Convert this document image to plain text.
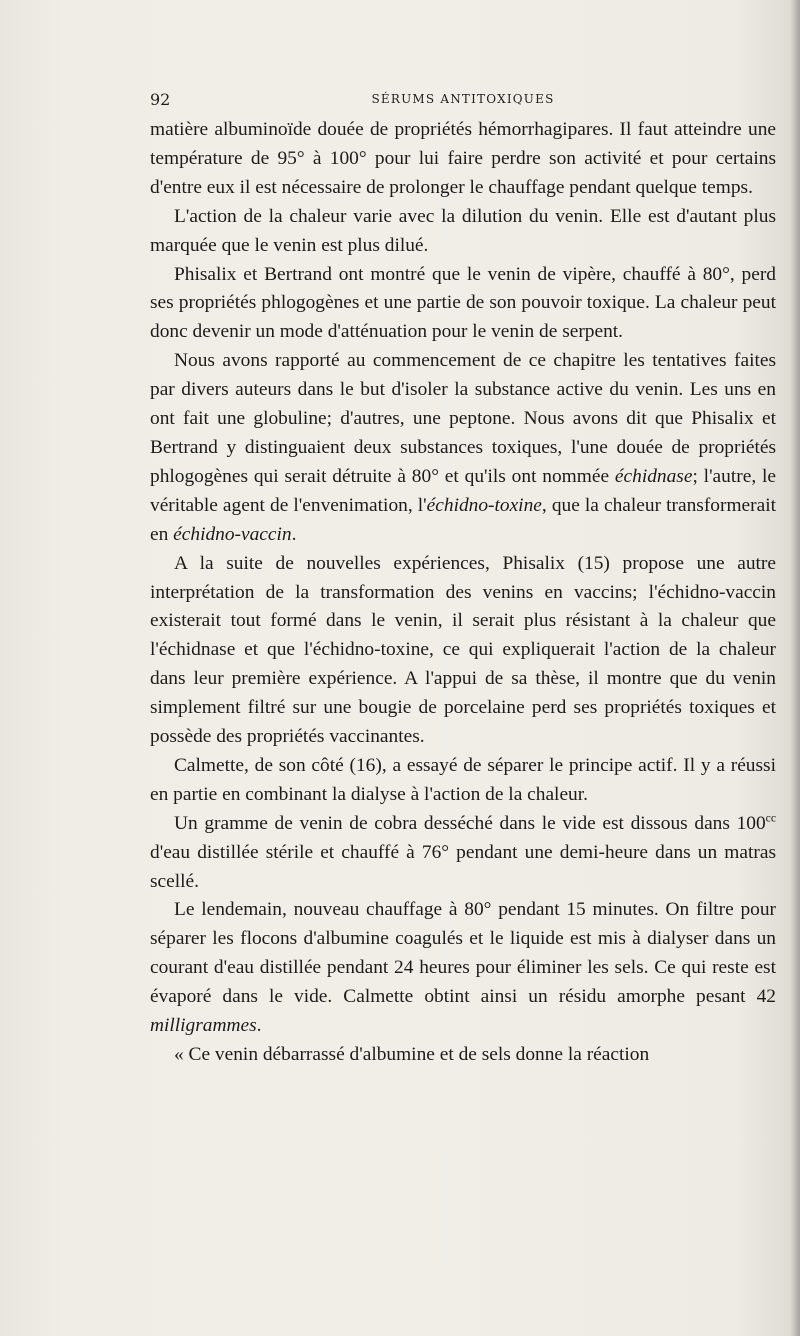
92	SÉRUMS ANTITOXIQUES

matière albuminoïde douée de propriétés hémorrhagipares. Il faut atteindre une température de 95° à 100° pour lui faire perdre son activité et pour certains d'entre eux il est nécessaire de prolonger le chauffage pendant quelque temps.

L'action de la chaleur varie avec la dilution du venin. Elle est d'autant plus marquée que le venin est plus dilué.

Phisalix et Bertrand ont montré que le venin de vipère, chauffé à 80°, perd ses propriétés phlogogènes et une partie de son pouvoir toxique. La chaleur peut donc devenir un mode d'atténuation pour le venin de serpent.

Nous avons rapporté au commencement de ce chapitre les tentatives faites par divers auteurs dans le but d'isoler la substance active du venin. Les uns en ont fait une globuline; d'autres, une peptone. Nous avons dit que Phisalix et Bertrand y distinguaient deux substances toxiques, l'une douée de propriétés phlogogènes qui serait détruite à 80° et qu'ils ont nommée échidnase; l'autre, le véritable agent de l'envenimation, l'échidno-toxine, que la chaleur transformerait en échidno-vaccin.

A la suite de nouvelles expériences, Phisalix (15) propose une autre interprétation de la transformation des venins en vaccins; l'échidno-vaccin existerait tout formé dans le venin, il serait plus résistant à la chaleur que l'échidnase et que l'échidno-toxine, ce qui expliquerait l'action de la chaleur dans leur première expérience. A l'appui de sa thèse, il montre que du venin simplement filtré sur une bougie de porcelaine perd ses propriétés toxiques et possède des propriétés vaccinantes.

Calmette, de son côté (16), a essayé de séparer le principe actif. Il y a réussi en partie en combinant la dialyse à l'action de la chaleur.

Un gramme de venin de cobra desséché dans le vide est dissous dans $100^{cc}$ d'eau distillée stérile et chauffé à 76° pendant une demi-heure dans un matras scellé.

Le lendemain, nouveau chauffage à 80° pendant 15 minutes. On filtre pour séparer les flocons d'albumine coagulés et le liquide est mis à dialyser dans un courant d'eau distillée pendant 24 heures pour éliminer les sels. Ce qui reste est évaporé dans le vide. Calmette obtint ainsi un résidu amorphe pesant 42 milligrammes.

« Ce venin débarrassé d'albumine et de sels donne la réaction
